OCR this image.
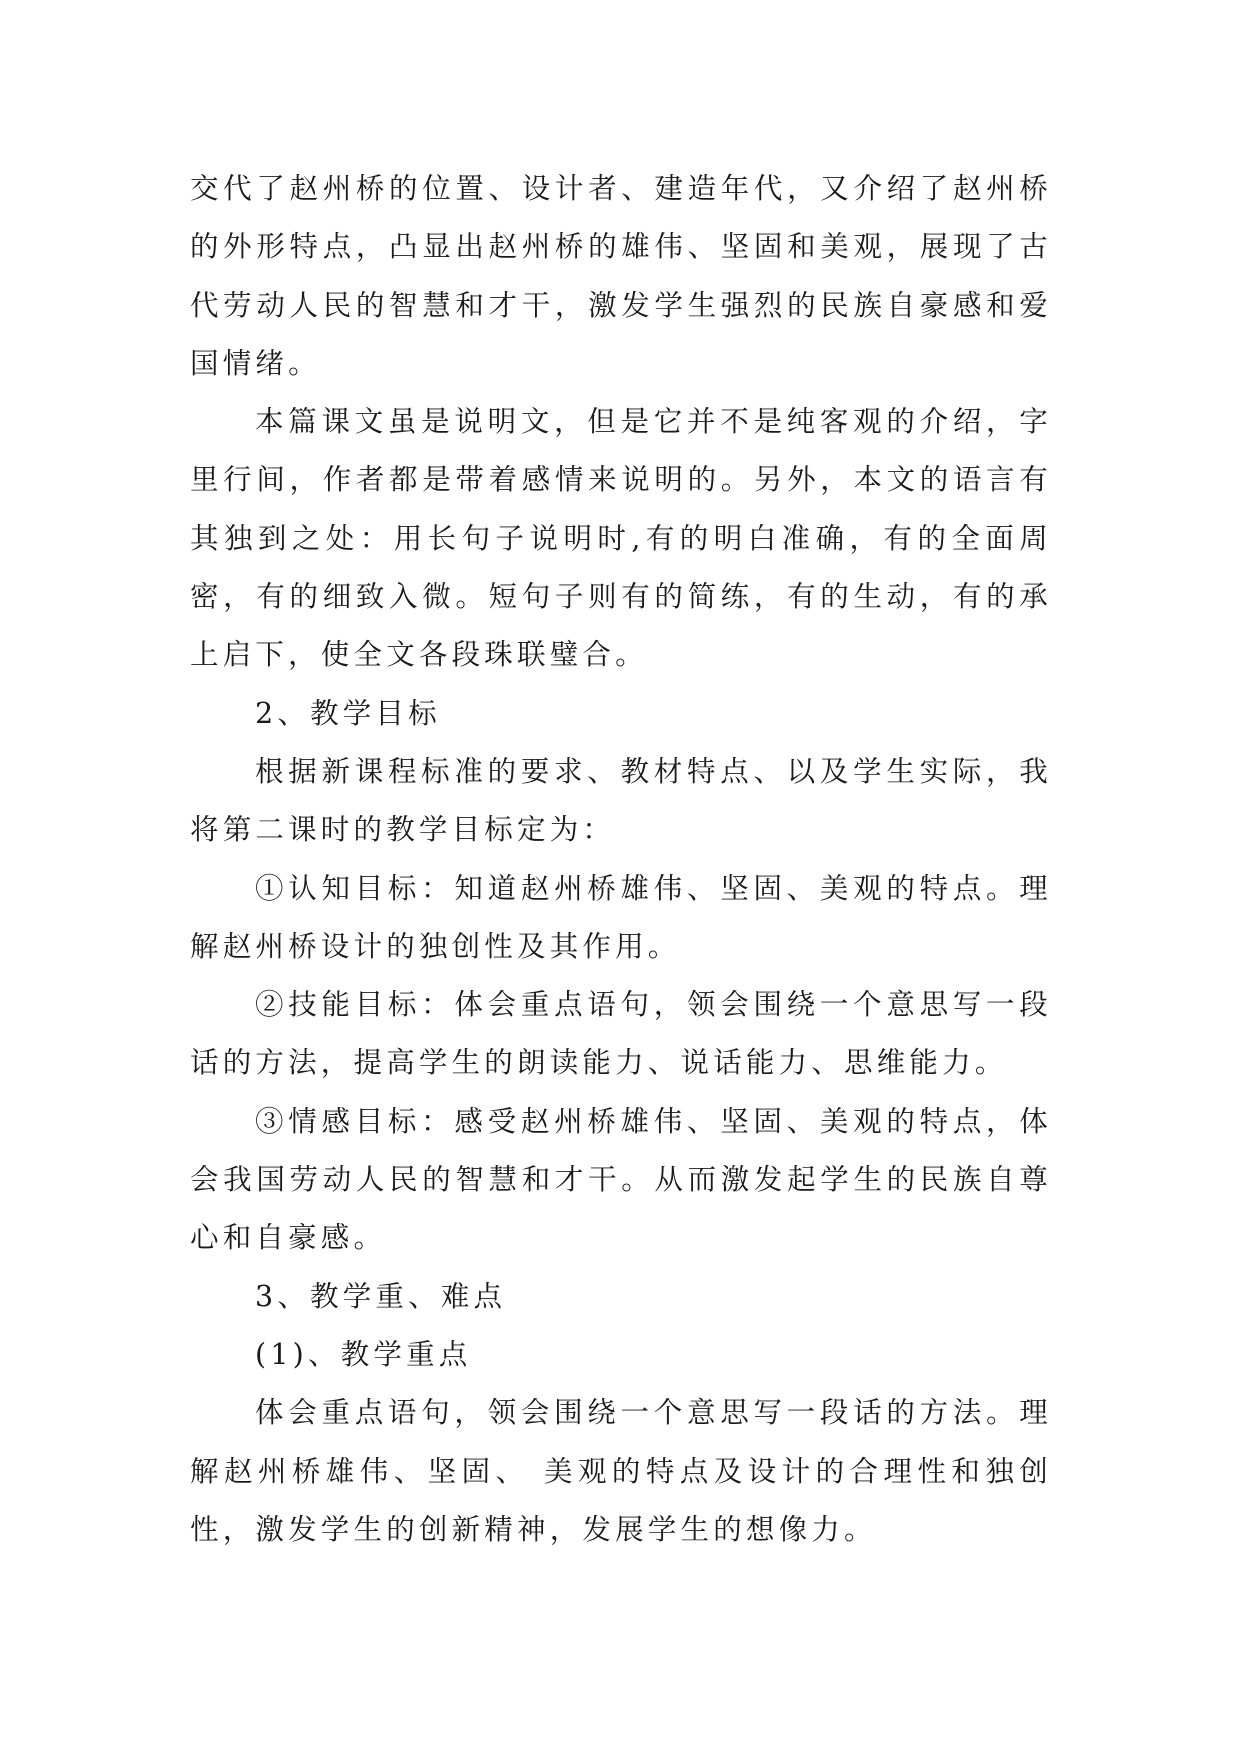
交代了赵州桥的位置、设计者、建造年代，又介绍了赵州桥的外形特点，凸显出赵州桥的雄伟、坚固和美观，展现了古代劳动人民的智慧和才干，激发学生强烈的民族自豪感和爱国情绪。

本篇课文虽是说明文，但是它并不是纯客观的介绍，字里行间，作者都是带着感情来说明的。另外，本文的语言有其独到之处：用长句子说明时,有的明白准确，有的全面周密，有的细致入微。短句子则有的简练，有的生动，有的承上启下，使全文各段珠联璧合。

2、教学目标

根据新课程标准的要求、教材特点、以及学生实际，我将第二课时的教学目标定为：

①认知目标：知道赵州桥雄伟、坚固、美观的特点。理解赵州桥设计的独创性及其作用。

②技能目标：体会重点语句，领会围绕一个意思写一段话的方法，提高学生的朗读能力、说话能力、思维能力。

③情感目标：感受赵州桥雄伟、坚固、美观的特点，体会我国劳动人民的智慧和才干。从而激发起学生的民族自尊心和自豪感。

3、教学重、难点

(1)、教学重点

体会重点语句，领会围绕一个意思写一段话的方法。理解赵州桥雄伟、坚固、 美观的特点及设计的合理性和独创性，激发学生的创新精神，发展学生的想像力。
